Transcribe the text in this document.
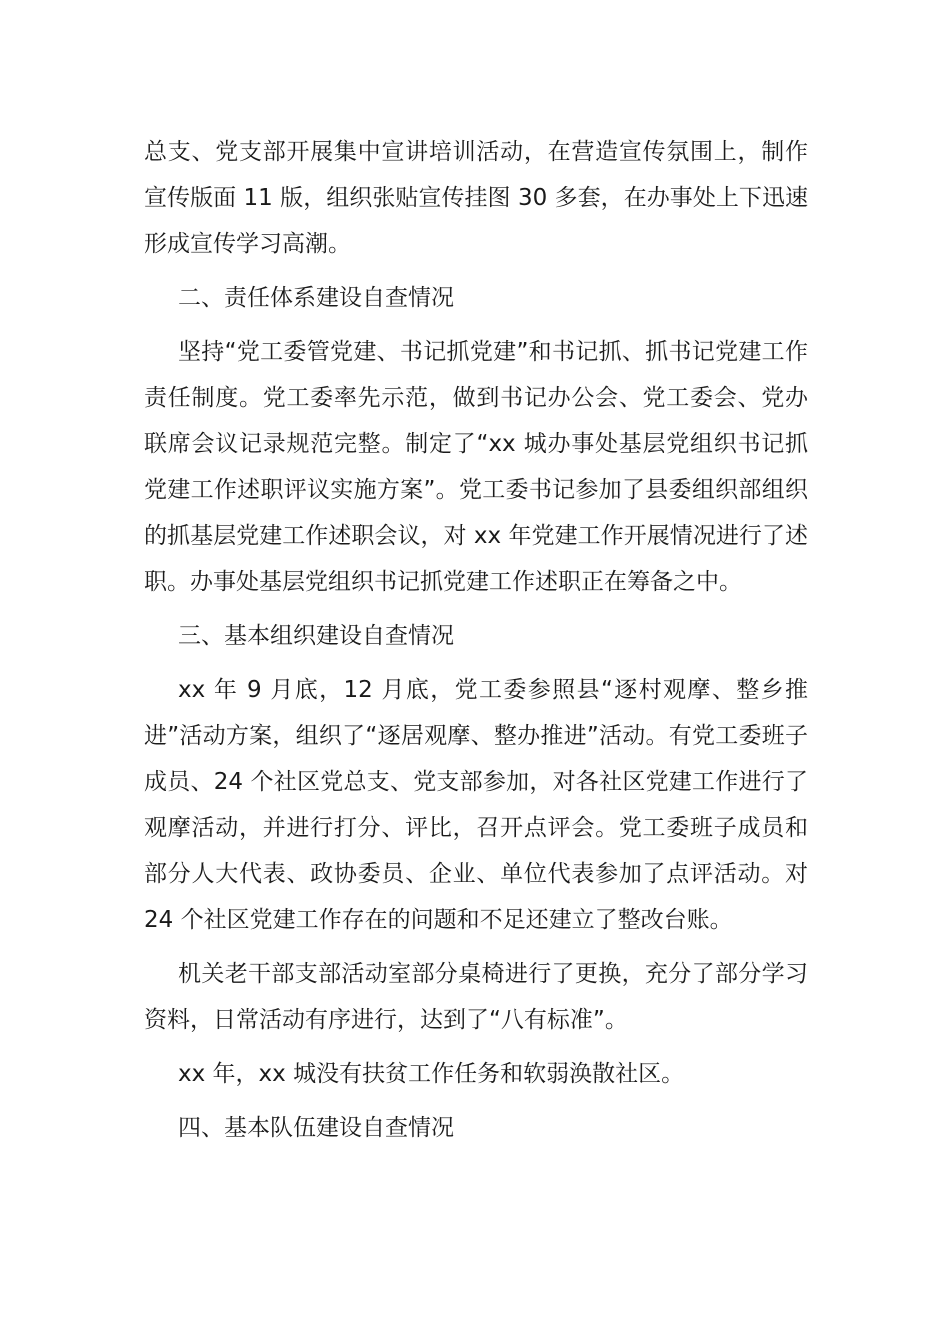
总支、党支部开展集中宣讲培训活动，在营造宣传氛围上，制作宣传版面 11 版，组织张贴宣传挂图 30 多套，在办事处上下迅速形成宣传学习高潮。

二、责任体系建设自查情况

坚持“党工委管党建、书记抓党建”和书记抓、抓书记党建工作责任制度。党工委率先示范，做到书记办公会、党工委会、党办联席会议记录规范完整。制定了“xx 城办事处基层党组织书记抓党建工作述职评议实施方案”。党工委书记参加了县委组织部组织的抓基层党建工作述职会议，对 xx 年党建工作开展情况进行了述职。办事处基层党组织书记抓党建工作述职正在筹备之中。

三、基本组织建设自查情况

xx 年 9 月底，12 月底，党工委参照县“逐村观摩、整乡推进”活动方案，组织了“逐居观摩、整办推进”活动。有党工委班子成员、24 个社区党总支、党支部参加，对各社区党建工作进行了观摩活动，并进行打分、评比，召开点评会。党工委班子成员和部分人大代表、政协委员、企业、单位代表参加了点评活动。对 24 个社区党建工作存在的问题和不足还建立了整改台账。

机关老干部支部活动室部分桌椅进行了更换，充分了部分学习资料，日常活动有序进行，达到了“八有标准”。

xx 年，xx 城没有扶贫工作任务和软弱涣散社区。

四、基本队伍建设自查情况
